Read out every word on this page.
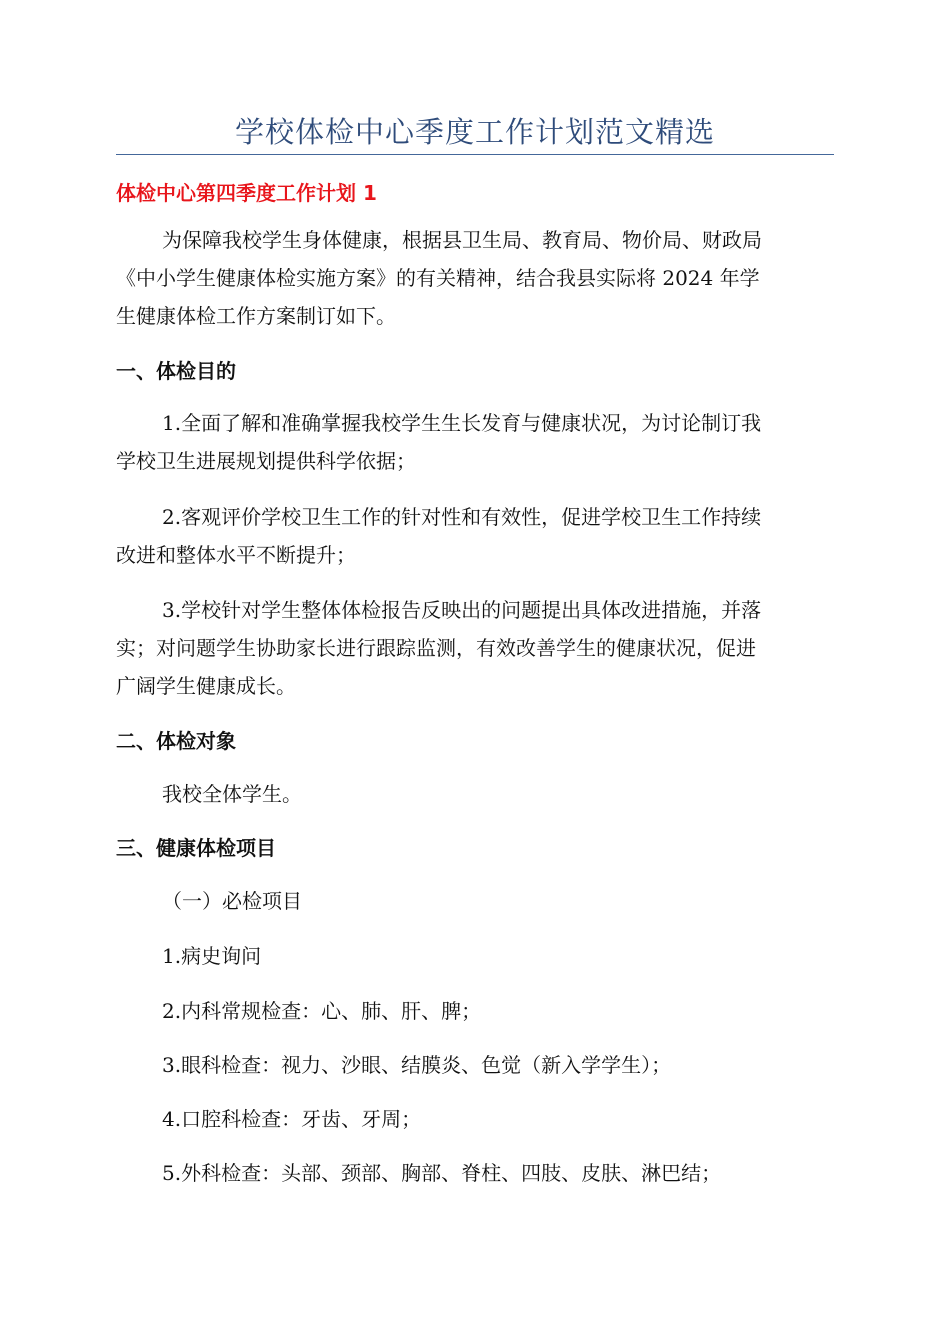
学校体检中心季度工作计划范文精选
体检中心第四季度工作计划 1
为保障我校学生身体健康，根据县卫生局、教育局、物价局、财政局
《中小学生健康体检实施方案》的有关精神，结合我县实际将 2024 年学
生健康体检工作方案制订如下。
一、体检目的
1.全面了解和准确掌握我校学生生长发育与健康状况，为讨论制订我
学校卫生进展规划提供科学依据；
2.客观评价学校卫生工作的针对性和有效性，促进学校卫生工作持续
改进和整体水平不断提升；
3.学校针对学生整体体检报告反映出的问题提出具体改进措施，并落
实；对问题学生协助家长进行跟踪监测，有效改善学生的健康状况，促进
广阔学生健康成长。
二、体检对象
我校全体学生。
三、健康体检项目
（一）必检项目
1.病史询问
2.内科常规检查：心、肺、肝、脾；
3.眼科检查：视力、沙眼、结膜炎、色觉（新入学学生）；
4.口腔科检查：牙齿、牙周；
5.外科检查：头部、颈部、胸部、脊柱、四肢、皮肤、淋巴结；
